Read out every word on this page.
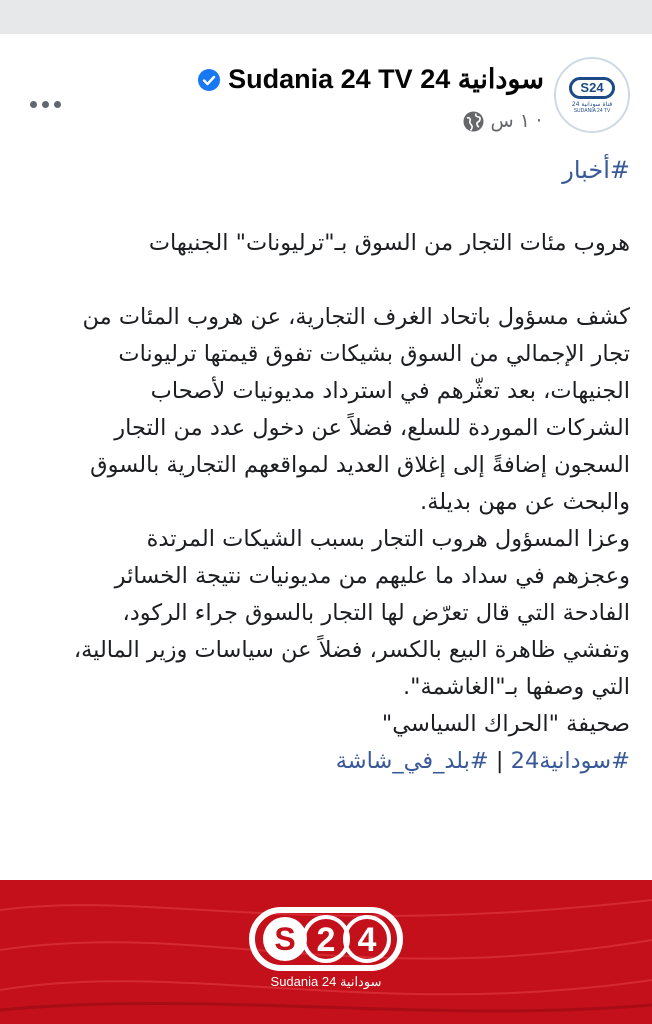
S24
قناة سودانية 24
SUDANIA 24 TV
سودانية 24 Sudania 24 TV
١ س ·
#أخبار
هروب مئات التجار من السوق بـ"ترليونات" الجنيهات

كشف مسؤول باتحاد الغرف التجارية، عن هروب المئات من

تجار الإجمالي من السوق بشيكات تفوق قيمتها ترليونات

الجنيهات، بعد تعثّرهم في استرداد مديونيات لأصحاب

الشركات الموردة للسلع، فضلاً عن دخول عدد من التجار

السجون إضافةً إلى إغلاق العديد لمواقعهم التجارية بالسوق

والبحث عن مهن بديلة.

وعزا المسؤول هروب التجار بسبب الشيكات المرتدة

وعجزهم في سداد ما عليهم من مديونيات نتيجة الخسائر

الفادحة التي قال تعرّض لها التجار بالسوق جراء الركود،

وتفشي ظاهرة البيع بالكسر، فضلاً عن سياسات وزير المالية،

التي وصفها بـ"الغاشمة".

صحيفة "الحراك السياسي"

#سودانية24 | #بلد_في_شاشة
S 2 4
Sudania 24 سودانية
